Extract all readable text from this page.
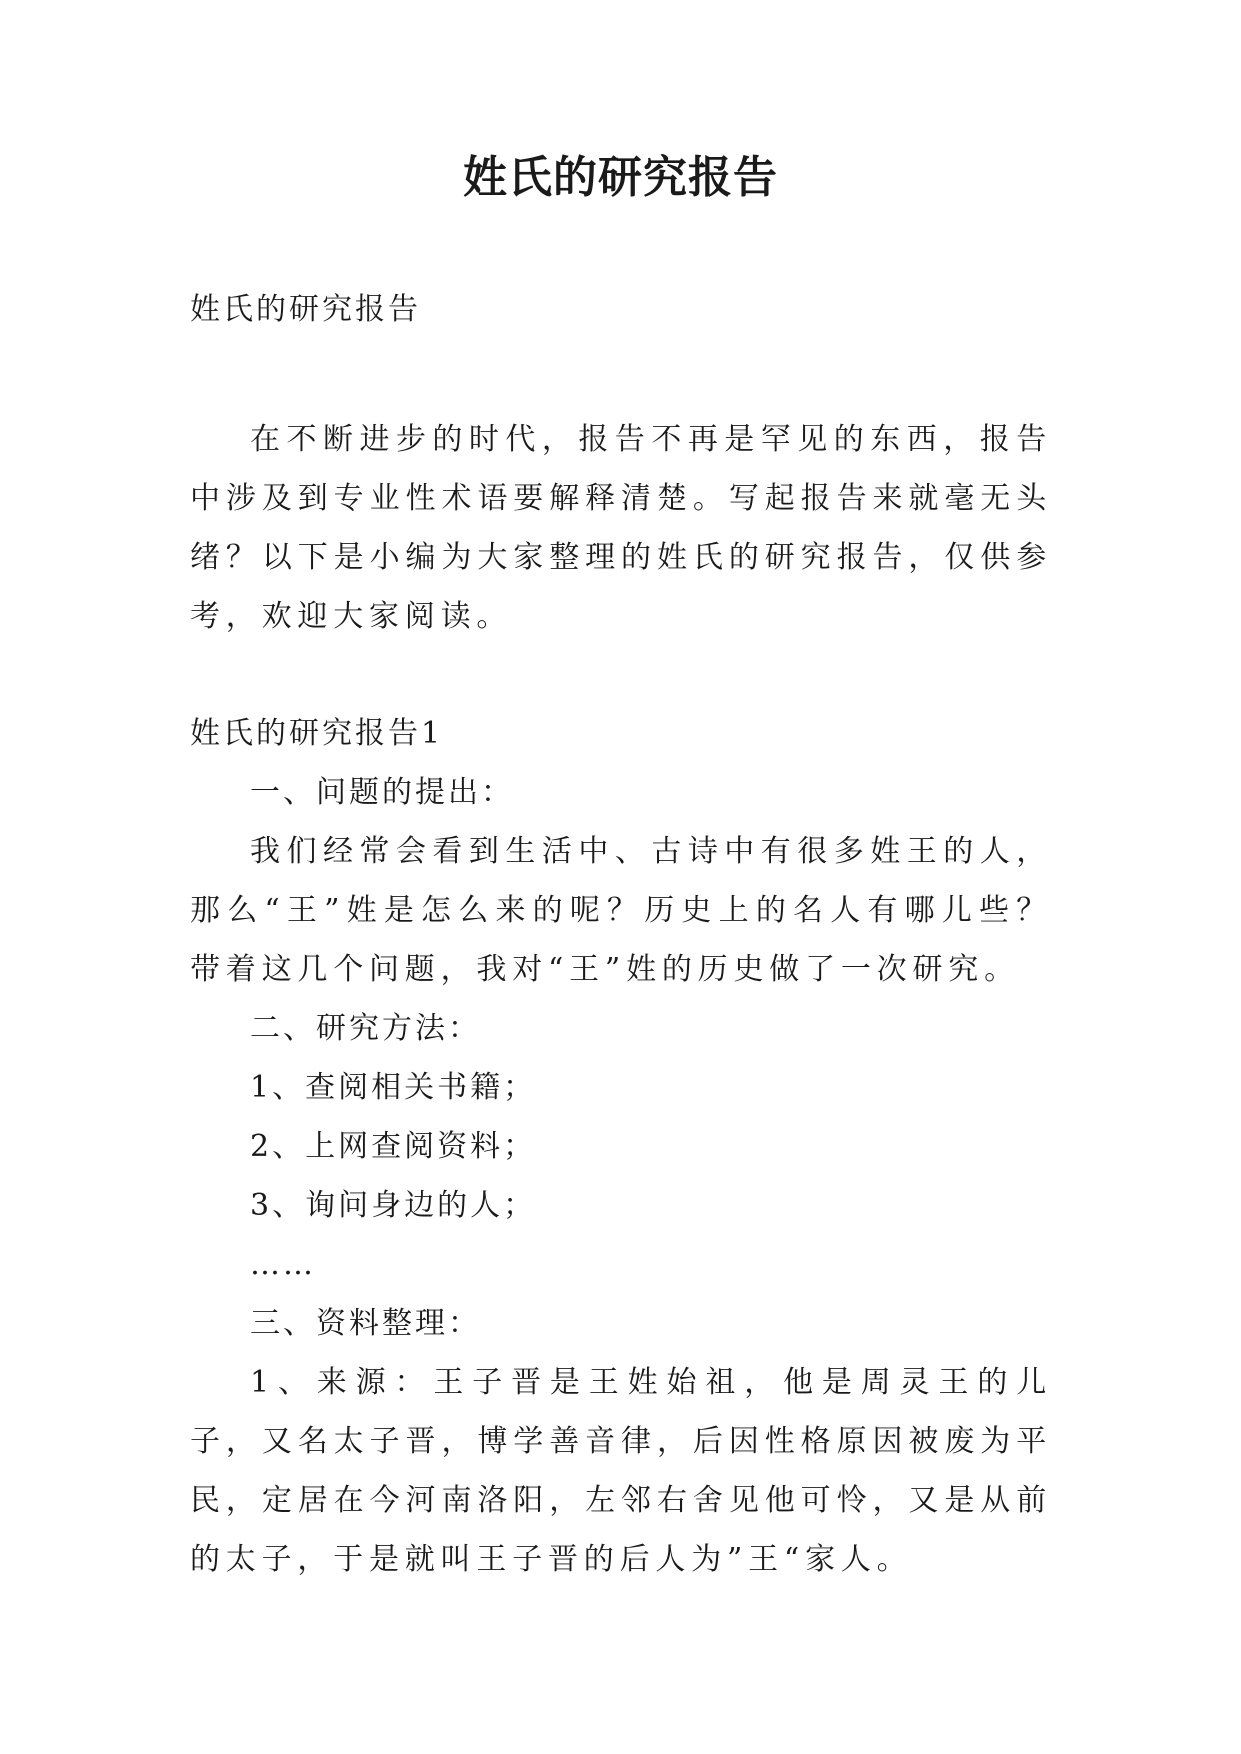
姓氏的研究报告

姓氏的研究报告

在不断进步的时代，报告不再是罕见的东西，报告中涉及到专业性术语要解释清楚。写起报告来就毫无头绪？以下是小编为大家整理的姓氏的研究报告，仅供参考，欢迎大家阅读。

姓氏的研究报告1

一、问题的提出：

我们经常会看到生活中、古诗中有很多姓王的人，那么“王”姓是怎么来的呢？历史上的名人有哪儿些？带着这几个问题，我对“王”姓的历史做了一次研究。

二、研究方法：

1、查阅相关书籍；

2、上网查阅资料；

3、询问身边的人；

……

三、资料整理：

1、来源：王子晋是王姓始祖，他是周灵王的儿子，又名太子晋，博学善音律，后因性格原因被废为平民，定居在今河南洛阳，左邻右舍见他可怜，又是从前的太子，于是就叫王子晋的后人为”王“家人。
